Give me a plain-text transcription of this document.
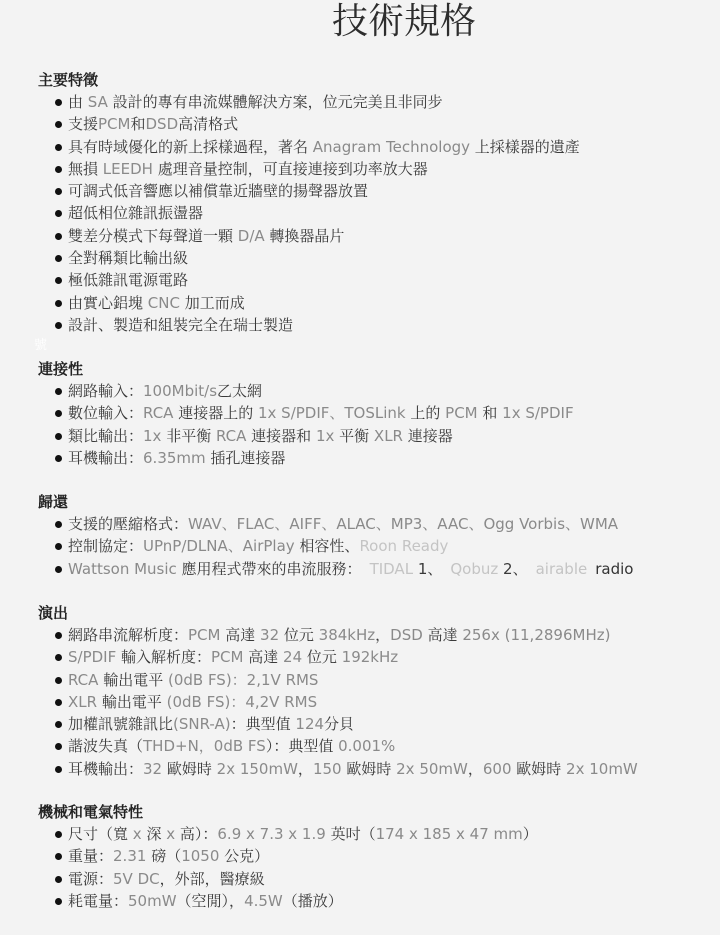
技術規格
號
主要特徵
由 SA 設計的專有串流媒體解決方案，位元完美且非同步
支援PCM和DSD高清格式
具有時域優化的新上採樣過程，著名 Anagram Technology 上採樣器的遺產
無損 LEEDH 處理音量控制，可直接連接到功率放大器
可調式低音響應以補償靠近牆壁的揚聲器放置
超低相位雜訊振盪器
雙差分模式下每聲道一顆 D/A 轉換器晶片
全對稱類比輸出級
極低雜訊電源電路
由實心鋁塊 CNC 加工而成
設計、製造和組裝完全在瑞士製造
連接性
網路輸入：100Mbit/s乙太網
數位輸入：RCA 連接器上的 1x S/PDIF、TOSLink 上的 PCM 和 1x S/PDIF
類比輸出：1x 非平衡 RCA 連接器和 1x 平衡 XLR 連接器
耳機輸出：6.35mm 插孔連接器
歸還
支援的壓縮格式：WAV、FLAC、AIFF、ALAC、MP3、AAC、Ogg Vorbis、WMA
控制協定：UPnP/DLNA、AirPlay 相容性、Roon Ready
Wattson Music 應用程式帶來的串流服務： TIDAL 1、 Qobuz 2、 airable radio
演出
網路串流解析度：PCM 高達 32 位元 384kHz，DSD 高達 256x (11,2896MHz)
S/PDIF 輸入解析度：PCM 高達 24 位元 192kHz
RCA 輸出電平 (0dB FS)：2,1V RMS
XLR 輸出電平 (0dB FS)：4,2V RMS
加權訊號雜訊比(SNR-A)：典型值 124分貝
諧波失真（THD+N，0dB FS）：典型值 0.001%
耳機輸出：32 歐姆時 2x 150mW，150 歐姆時 2x 50mW，600 歐姆時 2x 10mW
機械和電氣特性
尺寸（寬 x 深 x 高）：6.9 x 7.3 x 1.9 英吋（174 x 185 x 47 mm）
重量：2.31 磅（1050 公克）
電源：5V DC，外部，醫療級
耗電量：50mW（空閒），4.5W（播放）
